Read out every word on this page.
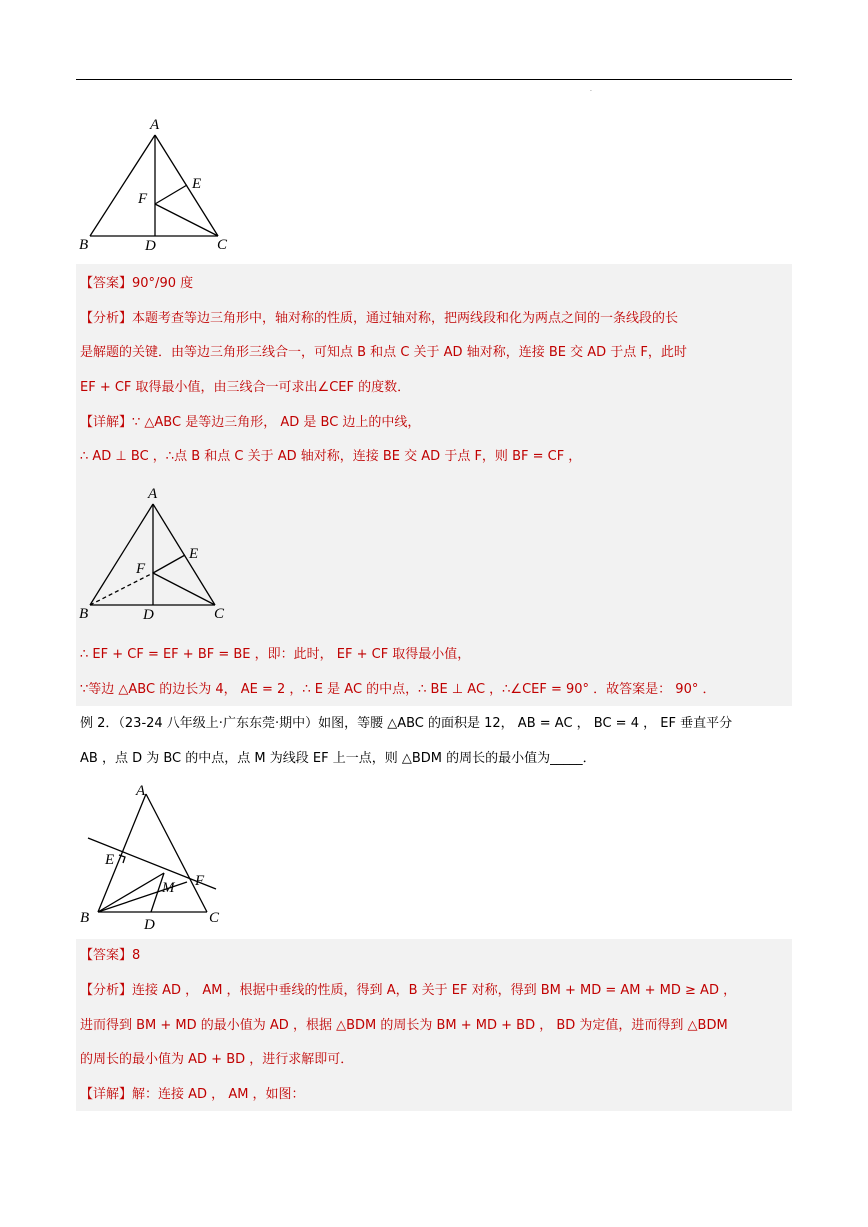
·
A
E
F
B	D	C
【答案】90°/90 度
【分析】本题考查等边三角形中，轴对称的性质，通过轴对称，把两线段和化为两点之间的一条线段的长
是解题的关键．由等边三角形三线合一，可知点 B 和点 C 关于 AD 轴对称，连接 BE 交 AD 于点 F，此时
EF + CF 取得最小值，由三线合一可求出∠CEF 的度数．
【详解】∵ △ABC 是等边三角形， AD 是 BC 边上的中线，
∴ AD ⊥ BC ，∴点 B 和点 C 关于 AD 轴对称，连接 BE 交 AD 于点 F，则 BF = CF ，
A
E
F
B	D	C
∴ EF + CF = EF + BF = BE ，即：此时， EF + CF 取得最小值，
∵等边 △ABC 的边长为 4， AE = 2 ，∴ E 是 AC 的中点，∴ BE ⊥ AC ，∴∠CEF = 90° ．故答案是： 90° ．
例 2．（23-24 八年级上·广东东莞·期中）如图，等腰 △ABC 的面积是 12， AB = AC ， BC = 4 ， EF 垂直平分
AB ，点 D 为 BC 的中点，点 M 为线段 EF 上一点，则 △BDM 的周长的最小值为_____．
A
E
F
M
B	D	C
【答案】8
【分析】连接 AD ， AM ，根据中垂线的性质，得到 A，B 关于 EF 对称，得到 BM + MD = AM + MD ≥ AD ，
进而得到 BM + MD 的最小值为 AD ，根据 △BDM 的周长为 BM + MD + BD ， BD 为定值，进而得到 △BDM
的周长的最小值为 AD + BD ，进行求解即可．
【详解】解：连接 AD ， AM ，如图：
